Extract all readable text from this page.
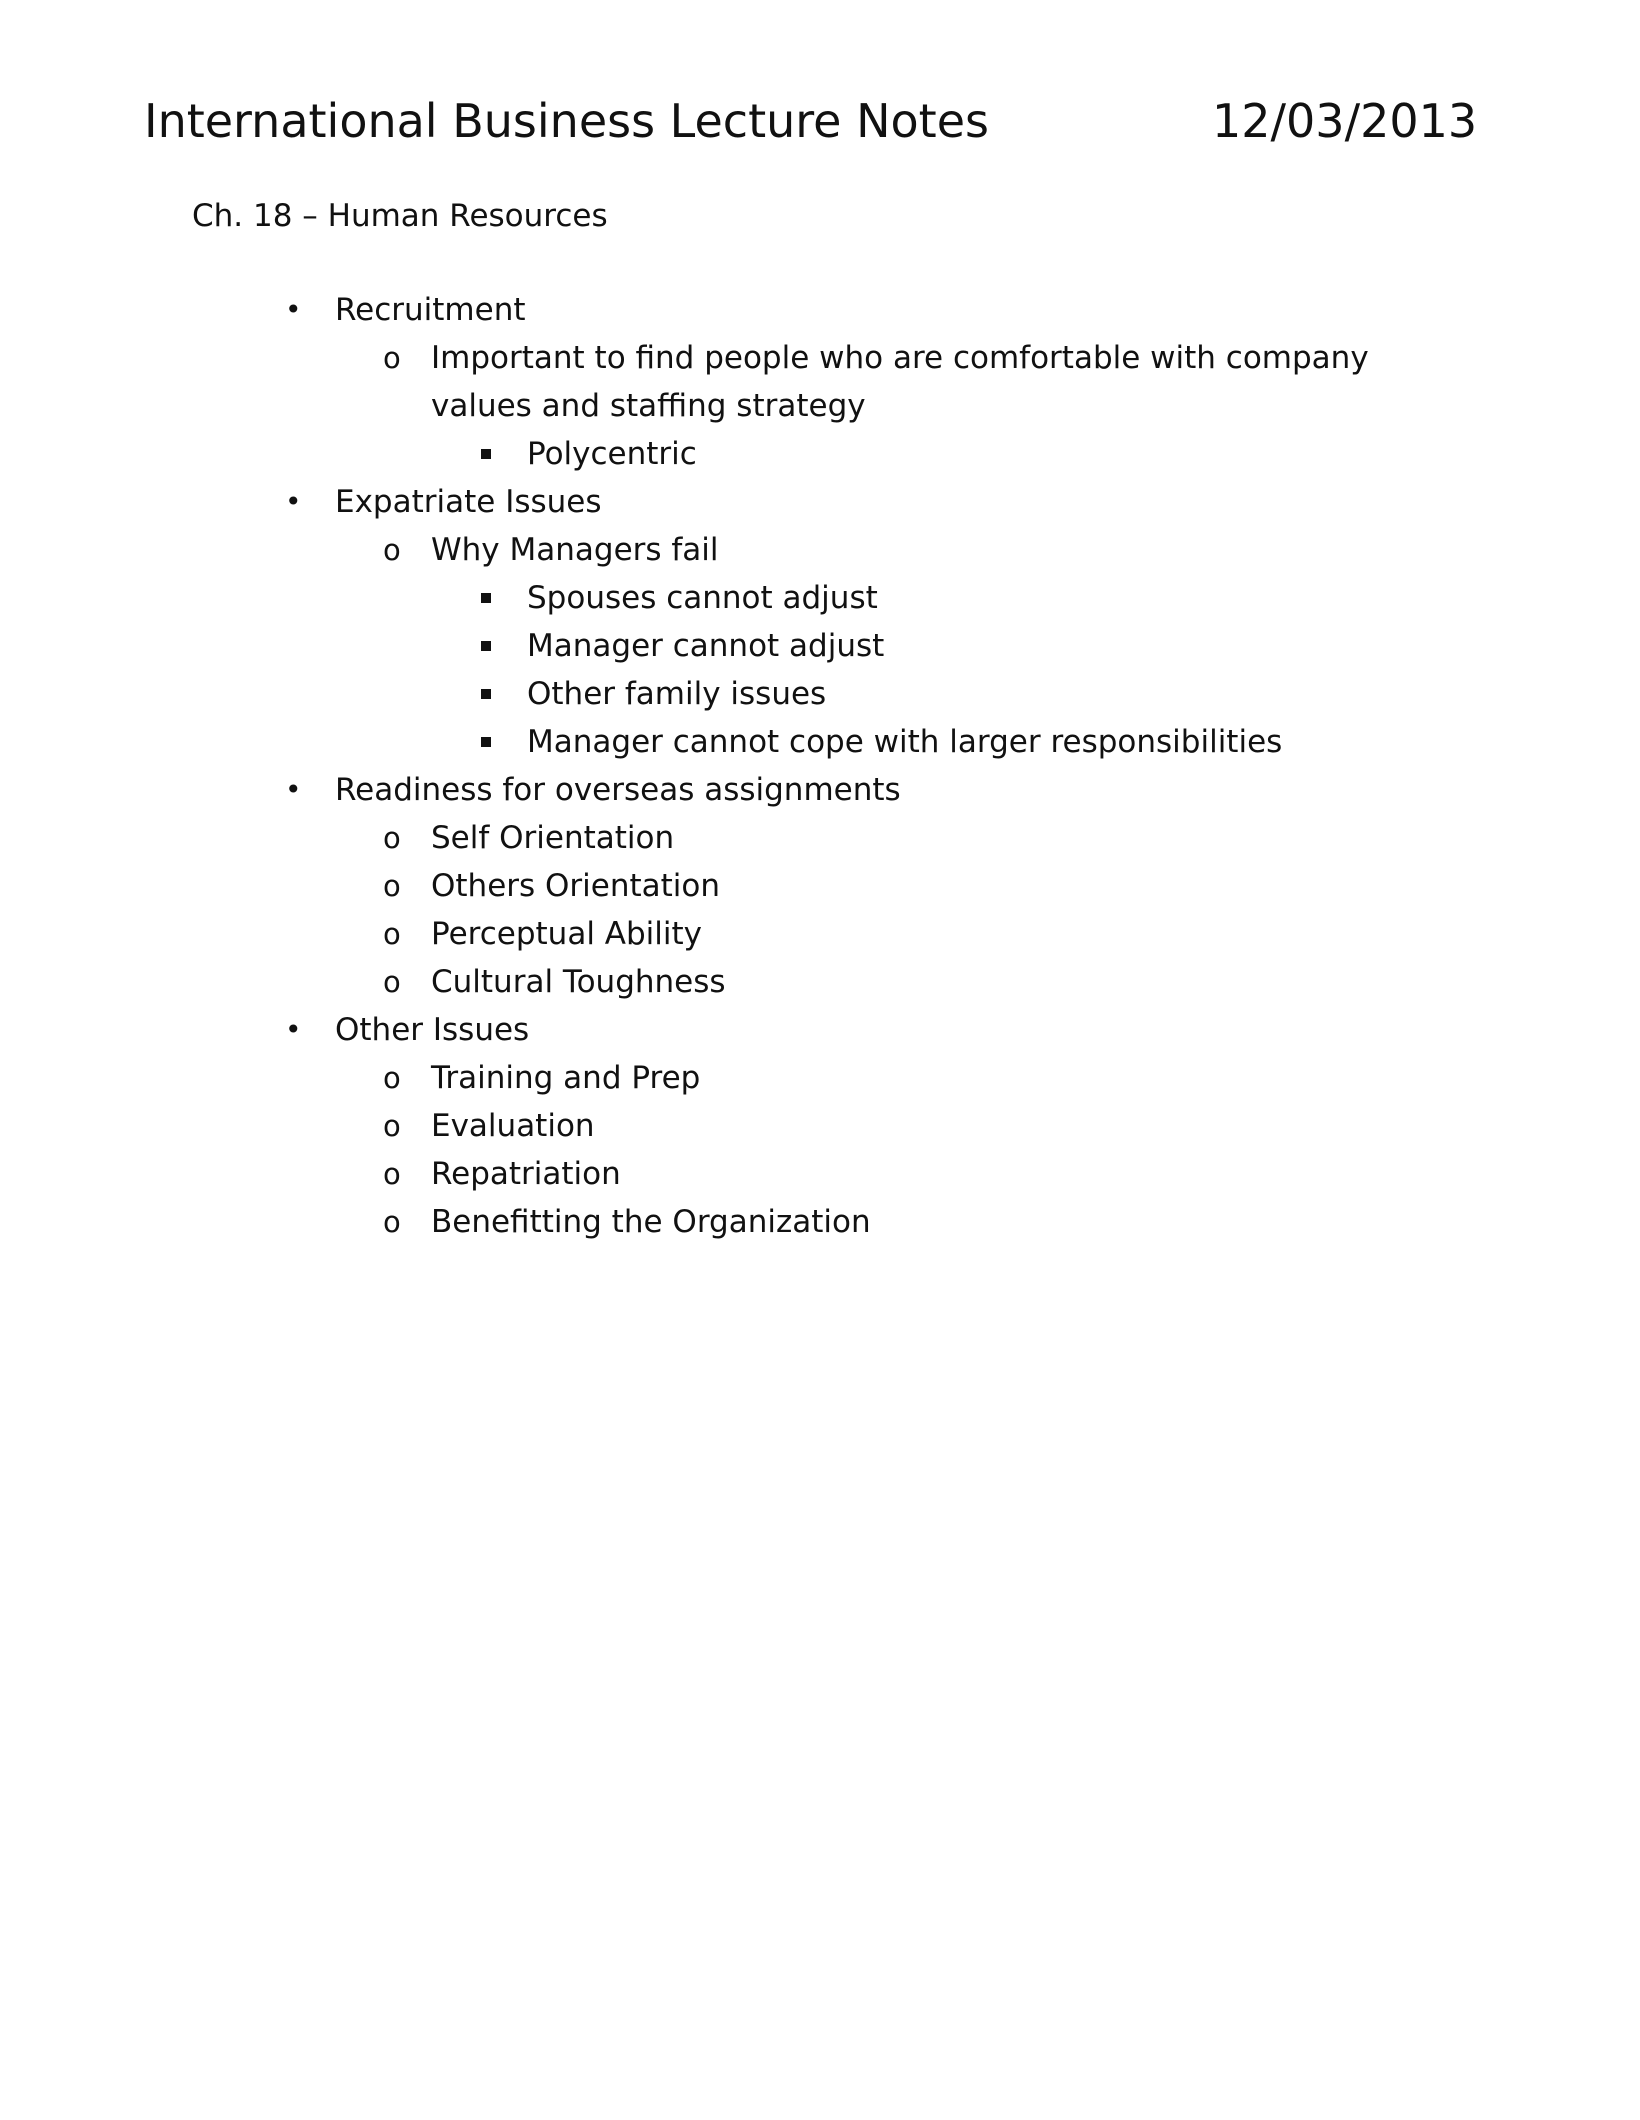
International Business Lecture Notes	12/03/2013
Ch. 18 – Human Resources
• Recruitment
o Important to find people who are comfortable with company values and staffing strategy
Polycentric
• Expatriate Issues
o Why Managers fail
Spouses cannot adjust
Manager cannot adjust
Other family issues
Manager cannot cope with larger responsibilities
• Readiness for overseas assignments
o Self Orientation
o Others Orientation
o Perceptual Ability
o Cultural Toughness
• Other Issues
o Training and Prep
o Evaluation
o Repatriation
o Benefitting the Organization
